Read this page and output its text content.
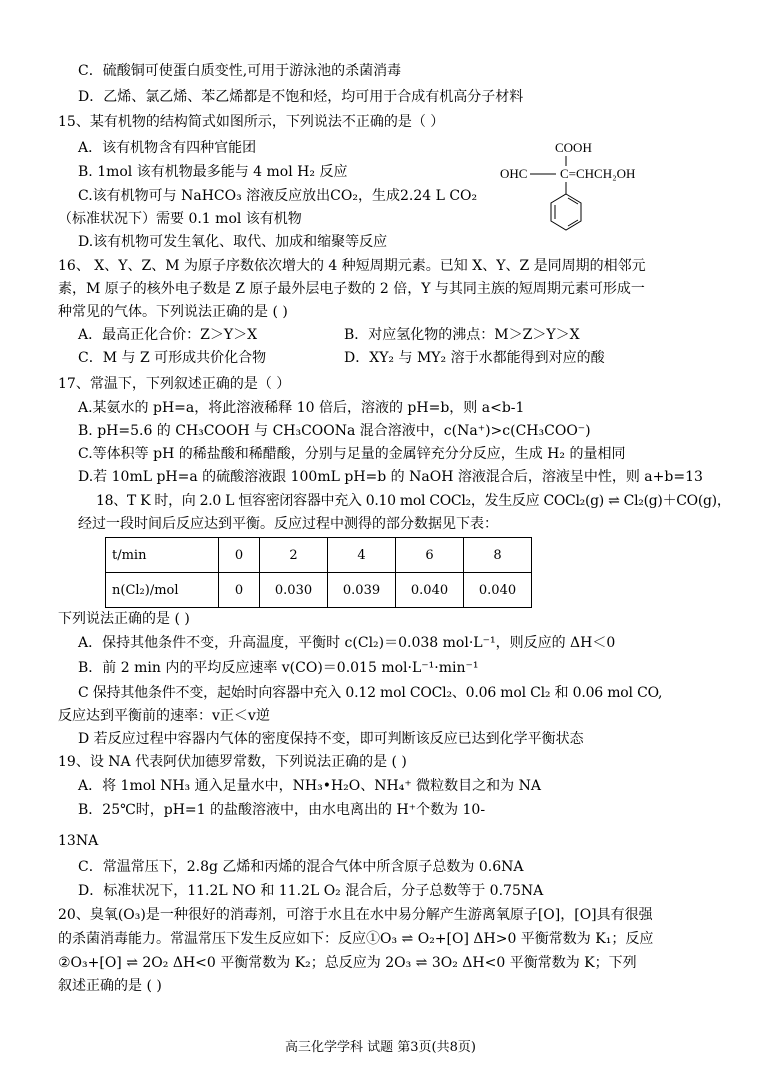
C．硫酸铜可使蛋白质变性,可用于游泳池的杀菌消毒
D．乙烯、氯乙烯、苯乙烯都是不饱和烃，均可用于合成有机高分子材料
15、某有机物的结构简式如图所示，下列说法不正确的是（ ）
A．该有机物含有四种官能团
B. 1mol 该有机物最多能与 4 mol H₂ 反应
C.该有机物可与 NaHCO₃ 溶液反应放出CO₂，生成2.24 L CO₂
（标准状况下）需要 0.1 mol 该有机物
D.该有机物可发生氧化、取代、加成和缩聚等反应
COOH
OHC	C=CHCH₂OH
16、 X、Y、Z、M 为原子序数依次增大的 4 种短周期元素。已知 X、Y、Z 是同周期的相邻元
素，M 原子的核外电子数是 Z 原子最外层电子数的 2 倍，Y 与其同主族的短周期元素可形成一
种常见的气体。下列说法正确的是 ( )
A．最高正化合价：Z＞Y＞X	B．对应氢化物的沸点：M＞Z＞Y＞X
C．M 与 Z 可形成共价化合物	D．XY₂ 与 MY₂ 溶于水都能得到对应的酸
17、常温下，下列叙述正确的是（ ）
A.某氨水的 pH=a，将此溶液稀释 10 倍后，溶液的 pH=b，则 a<b-1
B. pH=5.6 的 CH₃COOH 与 CH₃COONa 混合溶液中，c(Na⁺)>c(CH₃COO⁻)
C.等体积等 pH 的稀盐酸和稀醋酸，分别与足量的金属锌充分分反应，生成 H₂ 的量相同
D.若 10mL pH=a 的硫酸溶液跟 100mL pH=b 的 NaOH 溶液混合后，溶液呈中性，则 a+b=13
18、T K 时，向 2.0 L 恒容密闭容器中充入 0.10 mol COCl₂，发生反应 COCl₂(g) ⇌ Cl₂(g)＋CO(g)，
经过一段时间后反应达到平衡。反应过程中测得的部分数据见下表：
t/min	0	2	4	6	8
n(Cl₂)/mol	0	0.030	0.039	0.040	0.040
下列说法正确的是 ( )
A．保持其他条件不变，升高温度，平衡时 c(Cl₂)＝0.038 mol·L⁻¹，则反应的 ΔH＜0
B．前 2 min 内的平均反应速率 v(CO)＝0.015 mol·L⁻¹·min⁻¹
C 保持其他条件不变，起始时向容器中充入 0.12 mol COCl₂、0.06 mol Cl₂ 和 0.06 mol CO,
反应达到平衡前的速率：v正＜v逆
D 若反应过程中容器内气体的密度保持不变，即可判断该反应已达到化学平衡状态
19、设 NA 代表阿伏加德罗常数，下列说法正确的是 ( )
A．将 1mol NH₃ 通入足量水中，NH₃•H₂O、NH₄⁺ 微粒数目之和为 NA
B．25℃时，pH=1 的盐酸溶液中，由水电离出的 H⁺个数为 10-
13NA
C．常温常压下，2.8g 乙烯和丙烯的混合气体中所含原子总数为 0.6NA
D．标准状况下，11.2L NO 和 11.2L O₂ 混合后，分子总数等于 0.75NA
20、臭氧(O₃)是一种很好的消毒剂，可溶于水且在水中易分解产生游离氧原子[O]，[O]具有很强
的杀菌消毒能力。常温常压下发生反应如下：反应①O₃ ⇌ O₂+[O] ΔH>0 平衡常数为 K₁；反应
②O₃+[O] ⇌ 2O₂ ΔH<0 平衡常数为 K₂；总反应为 2O₃ ⇌ 3O₂ ΔH<0 平衡常数为 K；下列
叙述正确的是 ( )
高三化学学科 试题 第3页(共8页)
